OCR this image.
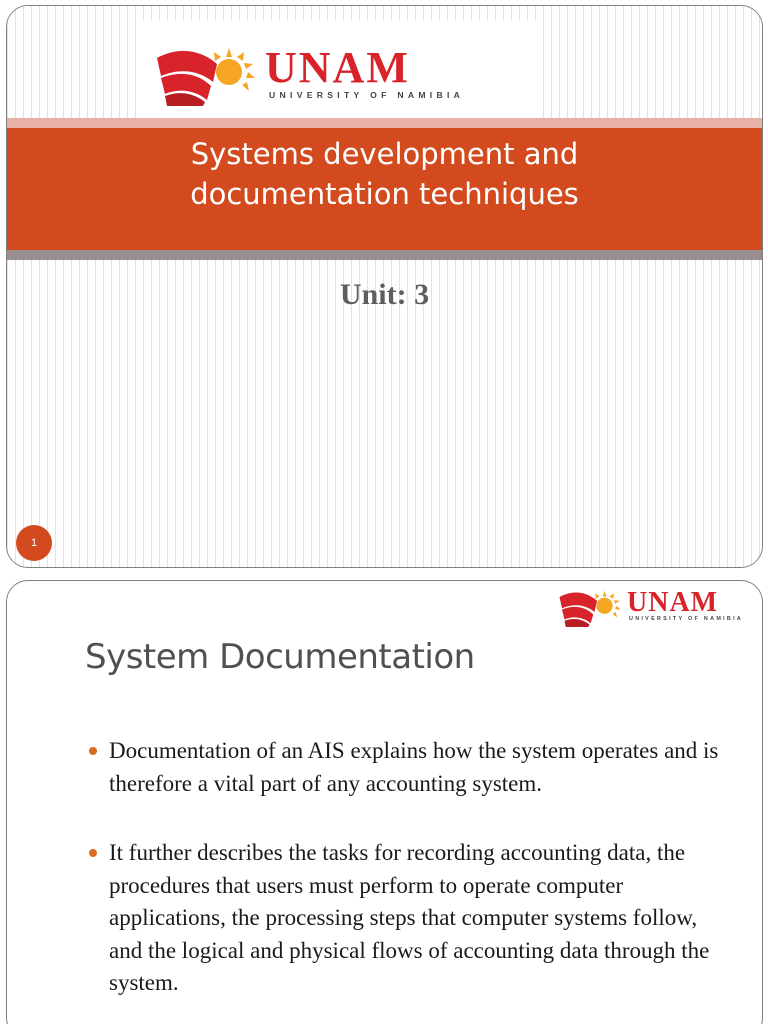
UNAM
UNIVERSITY OF NAMIBIA
Systems development and
documentation techniques
Unit: 3
1
UNAM
UNIVERSITY OF NAMIBIA
System Documentation
Documentation of an AIS explains how the system operates and is therefore a vital part of any accounting system.
It further describes the tasks for recording accounting data, the procedures that users must perform to operate computer applications, the processing steps that computer systems follow, and the logical and physical flows of accounting data through the system.
